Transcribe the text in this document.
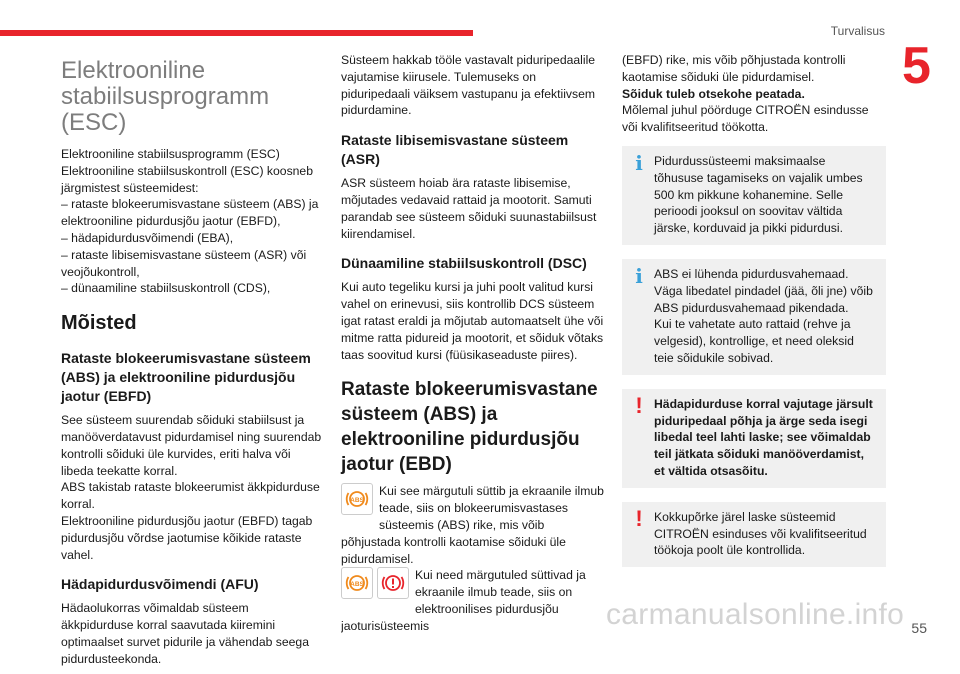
Turvalisus
5
Elektrooniline stabiilsusprogramm (ESC)

Elektrooniline stabiilsusprogramm (ESC)
Elektrooniline stabiilsuskontroll (ESC) koosneb järgmistest süsteemidest:
– rataste blokeerumisvastane süsteem (ABS) ja elektrooniline pidurdusjõu jaotur (EBFD),
– hädapidurdusvõimendi (EBA),
– rataste libisemisvastane süsteem (ASR) või veojõukontroll,
– dünaamiline stabiilsuskontroll (CDS),

Mõisted
Rataste blokeerumisvastane süsteem (ABS) ja elektrooniline pidurdusjõu jaotur (EBFD)

See süsteem suurendab sõiduki stabiilsust ja manööverdatavust pidurdamisel ning suurendab kontrolli sõiduki üle kurvides, eriti halva või libeda teekatte korral.
ABS takistab rataste blokeerumist äkkpidurduse korral.
Elektrooniline pidurdusjõu jaotur (EBFD) tagab pidurdusjõu võrdse jaotumise kõikide rataste vahel.

Hädapidurdusvõimendi (AFU)

Hädaolukorras võimaldab süsteem äkkpidurduse korral saavutada kiiremini optimaalset survet pidurile ja vähendab seega pidurdusteekonda.

Süsteem hakkab tööle vastavalt piduripedaalile vajutamise kiirusele. Tulemuseks on piduripedaali väiksem vastupanu ja efektiivsem pidurdamine.

Rataste libisemisvastane süsteem (ASR)

ASR süsteem hoiab ära rataste libisemise, mõjutades vedavaid rattaid ja mootorit. Samuti parandab see süsteem sõiduki suunastabiilsust kiirendamisel.

Dünaamiline stabiilsuskontroll (DSC)

Kui auto tegeliku kursi ja juhi poolt valitud kursi vahel on erinevusi, siis kontrollib DCS süsteem igat ratast eraldi ja mõjutab automaatselt ühe või mitme ratta pidureid ja mootorit, et sõiduk võtaks taas soovitud kursi (füüsikaseaduste piires).

Rataste blokeerumisvastane süsteem (ABS) ja elektrooniline pidurdusjõu jaotur (EBD)
ABS
Kui see märgutuli süttib ja ekraanile ilmub teade, siis on blokeerumisvastases süsteemis (ABS) rike, mis võib põhjustada kontrolli kaotamise sõiduki üle pidurdamisel.
ABS
Kui need märgutuled süttivad ja ekraanile ilmub teade, siis on elektroonilises pidurdusjõu jaoturisüsteemis

(EBFD) rike, mis võib põhjustada kontrolli kaotamise sõiduki üle pidurdamisel.

Sõiduk tuleb otsekohe peatada.

Mõlemal juhul pöörduge CITROËN esindusse või kvalifitseeritud töökotta.

i Pidurdussüsteemi maksimaalse tõhususe tagamiseks on vajalik umbes 500 km pikkune kohanemine. Selle perioodi jooksul on soovitav vältida järske, korduvaid ja pikki pidurdusi.

i ABS ei lühenda pidurdusvahemaad. Väga libedatel pindadel (jää, õli jne) võib ABS pidurdusvahemaad pikendada.
Kui te vahetate auto rattaid (rehve ja velgesid), kontrollige, et need oleksid teie sõidukile sobivad.

! Hädapidurduse korral vajutage järsult piduripedaal põhja ja ärge seda isegi libedal teel lahti laske; see võimaldab teil jätkata sõiduki manööverdamist, et vältida otsasõitu.

! Kokkupõrke järel laske süsteemid CITROËN esinduses või kvalifitseeritud töökoja poolt üle kontrollida.

carmanualsonline.info 55
